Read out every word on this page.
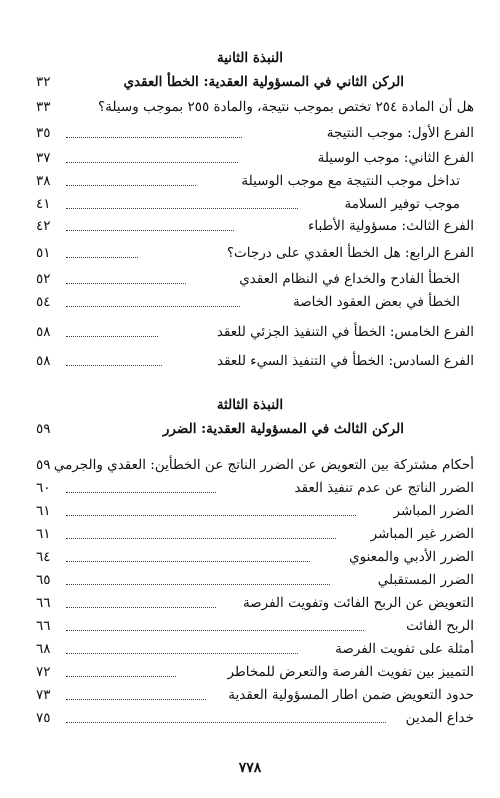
النبذة الثانية
الركن الثاني في المسؤولية العقدية: الخطأ العقدي
٣٢
هل أن المادة ٢٥٤ تختص بموجب نتيجة، والمادة ٢٥٥ بموجب وسيلة؟
٣٣
الفرع الأول: موجب النتيجة
٣٥
الفرع الثاني: موجب الوسيلة
٣٧
تداخل موجب النتيجة مع موجب الوسيلة
٣٨
موجب توفير السلامة
٤١
الفرع الثالث: مسؤولية الأطباء
٤٢
الفرع الرابع: هل الخطأ العقدي على درجات؟
٥١
الخطأ الفادح والخداع في النظام العقدي
٥٢
الخطأ في بعض العقود الخاصة
٥٤
الفرع الخامس: الخطأ في التنفيذ الجزئي للعقد
٥٨
الفرع السادس: الخطأ في التنفيذ السيء للعقد
٥٨
النبذة الثالثة
الركن الثالث في المسؤولية العقدية: الضرر
٥٩
أحكام مشتركة بين التعويض عن الضرر الناتج عن الخطأين: العقدي والجرمي
٥٩
الضرر الناتج عن عدم تنفيذ العقد
٦٠
الضرر المباشر
٦١
الضرر غير المباشر
٦١
الضرر الأدبي والمعنوي
٦٤
الضرر المستقبلي
٦٥
التعويض عن الربح الفائت وتفويت الفرصة
٦٦
الربح الفائت
٦٦
أمثلة على تفويت الفرصة
٦٨
التمييز بين تفويت الفرصة والتعرض للمخاطر
٧٢
حدود التعويض ضمن اطار المسؤولية العقدية
٧٣
خداع المدين
٧٥
٧٧٨
